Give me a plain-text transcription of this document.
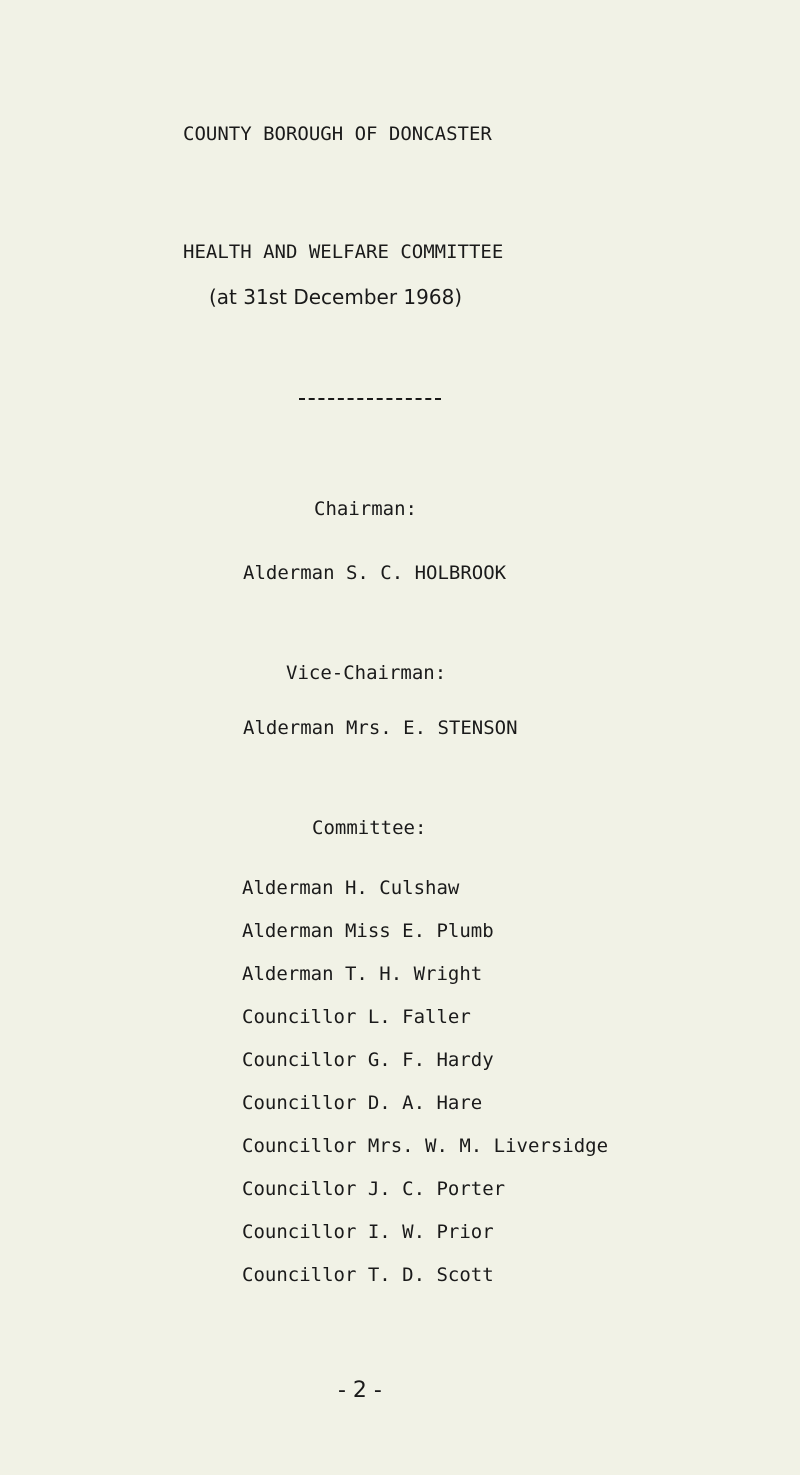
COUNTY BOROUGH OF DONCASTER
HEALTH AND WELFARE COMMITTEE
(at 31st December 1968)
Chairman:
Alderman S. C. HOLBROOK
Vice-Chairman:
Alderman Mrs. E. STENSON
Committee:
Alderman H. Culshaw
Alderman Miss E. Plumb
Alderman T. H. Wright
Councillor L. Faller
Councillor G. F. Hardy
Councillor D. A. Hare
Councillor Mrs. W. M. Liversidge
Councillor J. C. Porter
Councillor I. W. Prior
Councillor T. D. Scott
- 2 -
